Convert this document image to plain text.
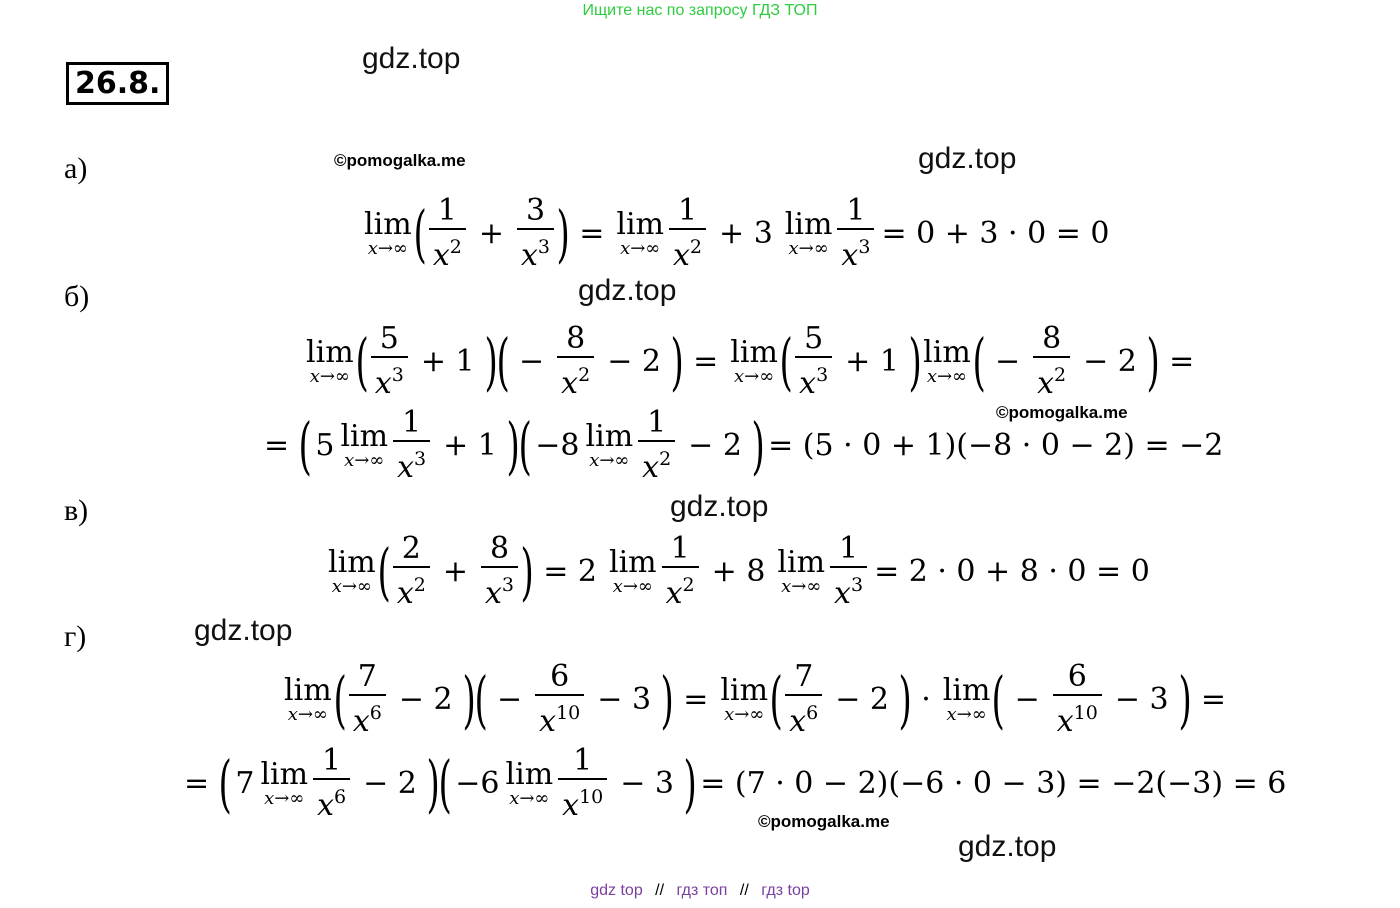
Ищите нас по запросу ГДЗ ТОП
26.8.
gdz.top
©pomogalka.me	gdz.top
gdz.top
©pomogalka.me
gdz.top
gdz.top
©pomogalka.me
gdz.top
а)
б)
в)
г)
lim
x→∞ ( $\frac{1}{x^2} + \frac{3}{x^3}$ ) = lim
$x\to\infty \frac{1}{x^2} + 3$ lim
$x\to\infty \frac{1}{x^3} = 0 + 3 \cdot 0 = 0$
lim
x→∞ ( $\frac{5}{x^3} + 1$ )
( − $\frac{8}{x^2} - 2$ ) = lim
x→∞ ( $\frac{5}{x^3} + 1$ ) lim
x→∞ ( − $\frac{8}{x^2} - 2$ ) =
= ( 5 lim
$x\to\infty \frac{1}{x^3} + 1$ )
( −8 lim
$x\to\infty \frac{1}{x^2} - 2$ ) = (5 · 0 + 1)(−8 · 0 − 2) = −2
lim
x→∞ ( $\frac{2}{x^2} + \frac{8}{x^3}$ ) = 2 lim
$x\to\infty \frac{1}{x^2} + 8$ lim
$x\to\infty \frac{1}{x^3} = 2 \cdot 0 + 8 \cdot 0 = 0$
lim
x→∞ ( $\frac{7}{x^6} - 2$ )
( − $\frac{6}{x^{10}} - 3$ ) = lim
x→∞ ( $\frac{7}{x^6} - 2$ ) · lim
x→∞ ( − $\frac{6}{x^{10}} - 3$ ) =
= ( 7 lim
$x\to\infty \frac{1}{x^6} - 2$ )
( −6 lim
$x\to\infty \frac{1}{x^{10}} - 3$ ) = (7 · 0 − 2)(−6 · 0 − 3) = −2(−3) = 6
gdz top // гдз топ // гдз top
